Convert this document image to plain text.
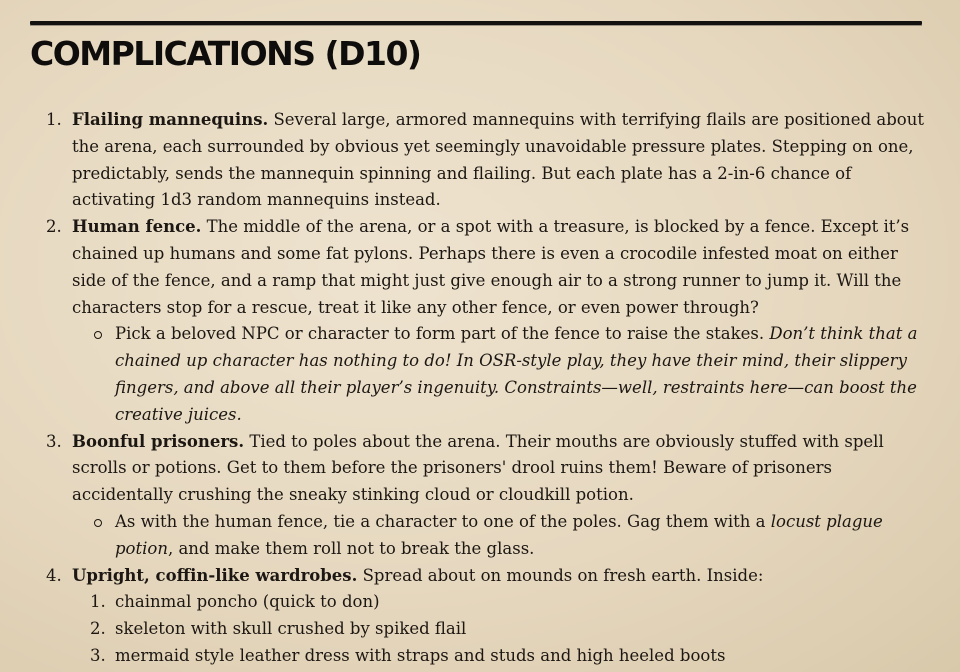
COMPLICATIONS (D10)
1. Flailing mannequins. Several large, armored mannequins with terrifying flails are positioned about the arena, each surrounded by obvious yet seemingly unavoidable pressure plates. Stepping on one, predictably, sends the mannequin spinning and flailing. But each plate has a 2-in-6 chance of activating 1d3 random mannequins instead.
2. Human fence. The middle of the arena, or a spot with a treasure, is blocked by a fence. Except it’s chained up humans and some fat pylons. Perhaps there is even a crocodile infested moat on either side of the fence, and a ramp that might just give enough air to a strong runner to jump it. Will the characters stop for a rescue, treat it like any other fence, or even power through?
Pick a beloved NPC or character to form part of the fence to raise the stakes. Don’t think that a chained up character has nothing to do! In OSR-style play, they have their mind, their slippery fingers, and above all their player’s ingenuity. Constraints—well, restraints here—can boost the creative juices.
3. Boonful prisoners. Tied to poles about the arena. Their mouths are obviously stuffed with spell scrolls or potions. Get to them before the prisoners' drool ruins them! Beware of prisoners accidentally crushing the sneaky stinking cloud or cloudkill potion.
As with the human fence, tie a character to one of the poles. Gag them with a locust plague potion, and make them roll not to break the glass.
4. Upright, coffin-like wardrobes. Spread about on mounds on fresh earth. Inside:
1. chainmal poncho (quick to don)
2. skeleton with skull crushed by spiked flail
3. mermaid style leather dress with straps and studs and high heeled boots
